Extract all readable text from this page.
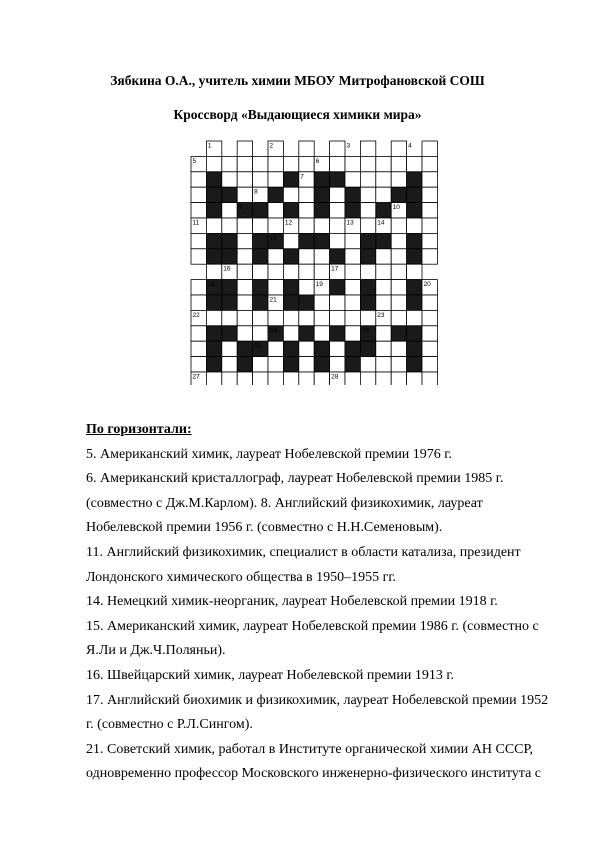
Зябкина О.А., учитель химии МБОУ Митрофановской СОШ
Кроссворд «Выдающиеся химики мира»
1	2	3	4
5	6
7
8
9	10
11	12	13	14
15
16	17
18	19	20
21
22	23
24	25
26
27	28
По горизонтали:

5. Американский химик, лауреат Нобелевской премии 1976 г.

6. Американский кристаллограф, лауреат Нобелевской премии 1985 г.

(совместно с Дж.М.Карлом). 8. Английский физикохимик, лауреат

Нобелевской премии 1956 г. (совместно с Н.Н.Семеновым).

11. Английский физикохимик, специалист в области катализа, президент

Лондонского химического общества в 1950–1955 гг.

14. Немецкий химик-неорганик, лауреат Нобелевской премии 1918 г.

15. Американский химик, лауреат Нобелевской премии 1986 г. (совместно с

Я.Ли и Дж.Ч.Поляньи).

16. Швейцарский химик, лауреат Нобелевской премии 1913 г.

17. Английский биохимик и физикохимик, лауреат Нобелевской премии 1952

г. (совместно с Р.Л.Сингом).

21. Советский химик, работал в Институте органической химии АН СССР,

одновременно профессор Московского инженерно-физического института с
